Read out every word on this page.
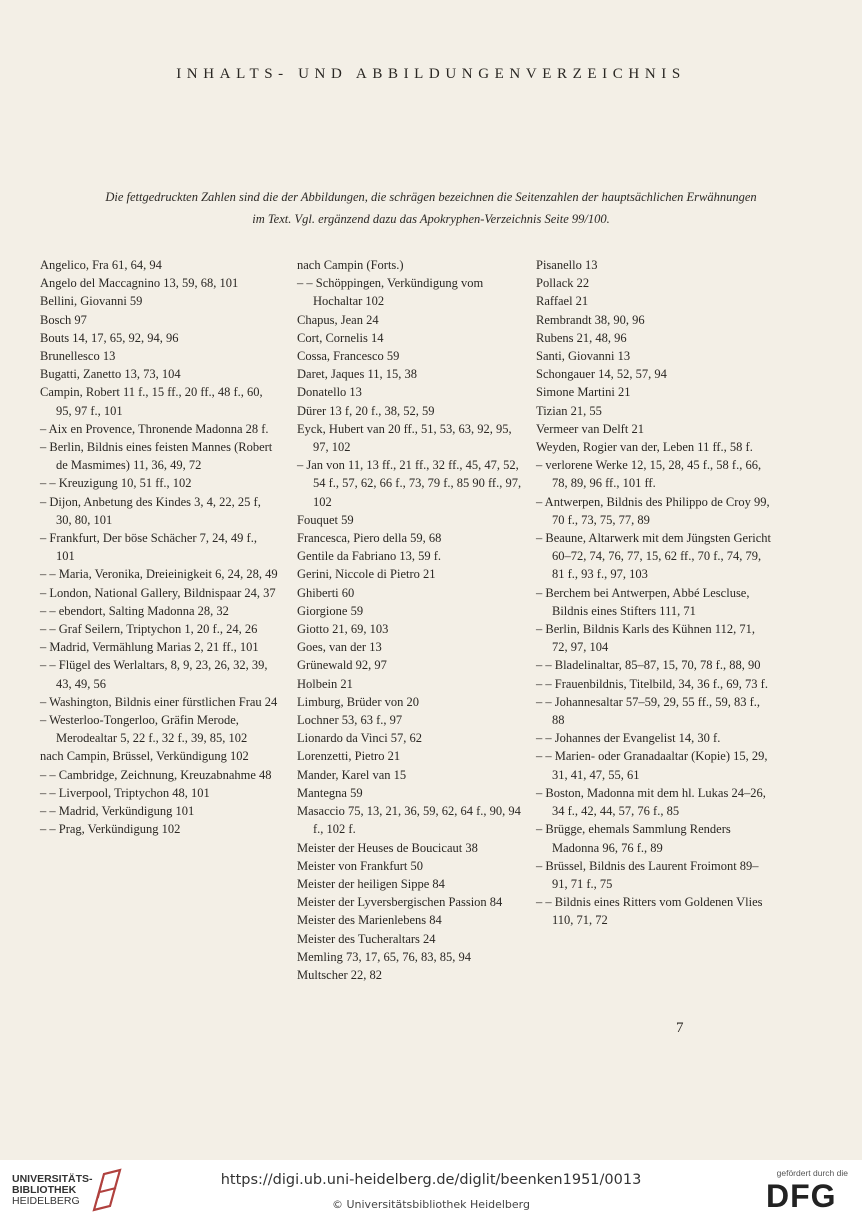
INHALTS- UND ABBILDUNGENVERZEICHNIS
Die fettgedruckten Zahlen sind die der Abbildungen, die schrägen bezeichnen die Seitenzahlen der hauptsächlichen Erwähnungen
im Text. Vgl. ergänzend dazu das Apokryphen-Verzeichnis Seite 99/100.
Angelico, Fra 61, 64, 94
Angelo del Maccagnino 13, 59, 68, 101
Bellini, Giovanni 59
Bosch 97
Bouts 14, 17, 65, 92, 94, 96
Brunellesco 13
Bugatti, Zanetto 13, 73, 104
Campin, Robert 11 f., 15 ff., 20 ff., 48 f., 60, 95, 97 f., 101
– Aix en Provence, Thronende Madonna 28 f.
– Berlin, Bildnis eines feisten Mannes (Robert de Masmimes) 11, 36, 49, 72
– – Kreuzigung 10, 51 ff., 102
– Dijon, Anbetung des Kindes 3, 4, 22, 25 f, 30, 80, 101
– Frankfurt, Der böse Schächer 7, 24, 49 f., 101
– – Maria, Veronika, Dreieinigkeit 6, 24, 28, 49
– London, National Gallery, Bildnispaar 24, 37
– – ebendort, Salting Madonna 28, 32
– – Graf Seilern, Triptychon 1, 20 f., 24, 26
– Madrid, Vermählung Marias 2, 21 ff., 101
– – Flügel des Werlaltars, 8, 9, 23, 26, 32, 39, 43, 49, 56
– Washington, Bildnis einer fürstlichen Frau 24
– Westerloo-Tongerloo, Gräfin Merode, Merodealtar 5, 22 f., 32 f., 39, 85, 102
nach Campin, Brüssel, Verkündigung 102
– – Cambridge, Zeichnung, Kreuzabnahme 48
– – Liverpool, Triptychon 48, 101
– – Madrid, Verkündigung 101
– – Prag, Verkündigung 102
nach Campin (Forts.)
– – Schöppingen, Verkündigung vom Hochaltar 102
Chapus, Jean 24
Cort, Cornelis 14
Cossa, Francesco 59
Daret, Jaques 11, 15, 38
Donatello 13
Dürer 13 f, 20 f., 38, 52, 59
Eyck, Hubert van 20 ff., 51, 53, 63, 92, 95, 97, 102
– Jan von 11, 13 ff., 21 ff., 32 ff., 45, 47, 52, 54 f., 57, 62, 66 f., 73, 79 f., 85 90 ff., 97, 102
Fouquet 59
Francesca, Piero della 59, 68
Gentile da Fabriano 13, 59 f.
Gerini, Niccole di Pietro 21
Ghiberti 60
Giorgione 59
Giotto 21, 69, 103
Goes, van der 13
Grünewald 92, 97
Holbein 21
Limburg, Brüder von 20
Lochner 53, 63 f., 97
Lionardo da Vinci 57, 62
Lorenzetti, Pietro 21
Mander, Karel van 15
Mantegna 59
Masaccio 75, 13, 21, 36, 59, 62, 64 f., 90, 94 f., 102 f.
Meister der Heuses de Boucicaut 38
Meister von Frankfurt 50
Meister der heiligen Sippe 84
Meister der Lyversbergischen Passion 84
Meister des Marienlebens 84
Meister des Tucheraltars 24
Memling 73, 17, 65, 76, 83, 85, 94
Multscher 22, 82
Pisanello 13
Pollack 22
Raffael 21
Rembrandt 38, 90, 96
Rubens 21, 48, 96
Santi, Giovanni 13
Schongauer 14, 52, 57, 94
Simone Martini 21
Tizian 21, 55
Vermeer van Delft 21
Weyden, Rogier van der, Leben 11 ff., 58 f.
– verlorene Werke 12, 15, 28, 45 f., 58 f., 66, 78, 89, 96 ff., 101 ff.
– Antwerpen, Bildnis des Philippo de Croy 99, 70 f., 73, 75, 77, 89
– Beaune, Altarwerk mit dem Jüngsten Gericht 60–72, 74, 76, 77, 15, 62 ff., 70 f., 74, 79, 81 f., 93 f., 97, 103
– Berchem bei Antwerpen, Abbé Lescluse, Bildnis eines Stifters 111, 71
– Berlin, Bildnis Karls des Kühnen 112, 71, 72, 97, 104
– – Bladelinaltar, 85–87, 15, 70, 78 f., 88, 90
– – Frauenbildnis, Titelbild, 34, 36 f., 69, 73 f.
– – Johannesaltar 57–59, 29, 55 ff., 59, 83 f., 88
– – Johannes der Evangelist 14, 30 f.
– – Marien- oder Granadaaltar (Kopie) 15, 29, 31, 41, 47, 55, 61
– Boston, Madonna mit dem hl. Lukas 24–26, 34 f., 42, 44, 57, 76 f., 85
– Brügge, ehemals Sammlung Renders Madonna 96, 76 f., 89
– Brüssel, Bildnis des Laurent Froimont 89–91, 71 f., 75
– – Bildnis eines Ritters vom Goldenen Vlies 110, 71, 72
7
UNIVERSITÄTS-
BIBLIOTHEK
HEIDELBERG
https://digi.ub.uni-heidelberg.de/diglit/beenken1951/0013
© Universitätsbibliothek Heidelberg
gefördert durch die
DFG
